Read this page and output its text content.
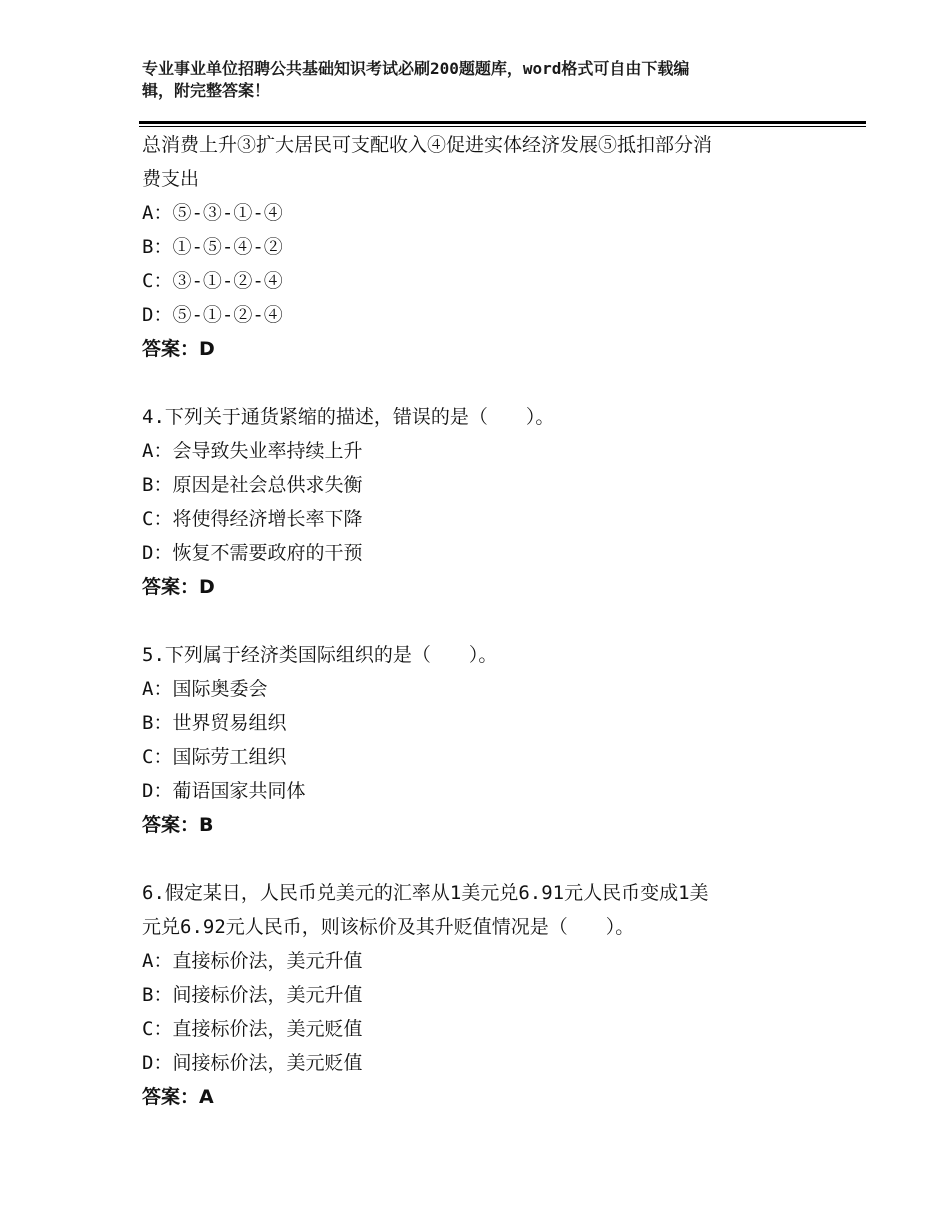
专业事业单位招聘公共基础知识考试必刷200题题库，word格式可自由下载编
辑，附完整答案！
总消费上升③扩大居民可支配收入④促进实体经济发展⑤抵扣部分消
费支出
A：⑤-③-①-④
B：①-⑤-④-②
C：③-①-②-④
D：⑤-①-②-④
答案：D
4.下列关于通货紧缩的描述，错误的是（　　）。
A：会导致失业率持续上升
B：原因是社会总供求失衡
C：将使得经济增长率下降
D：恢复不需要政府的干预
答案：D
5.下列属于经济类国际组织的是（　　）。
A：国际奥委会
B：世界贸易组织
C：国际劳工组织
D：葡语国家共同体
答案：B
6.假定某日，人民币兑美元的汇率从1美元兑6.91元人民币变成1美
元兑6.92元人民币，则该标价及其升贬值情况是（　　）。
A：直接标价法，美元升值
B：间接标价法，美元升值
C：直接标价法，美元贬值
D：间接标价法，美元贬值
答案：A
